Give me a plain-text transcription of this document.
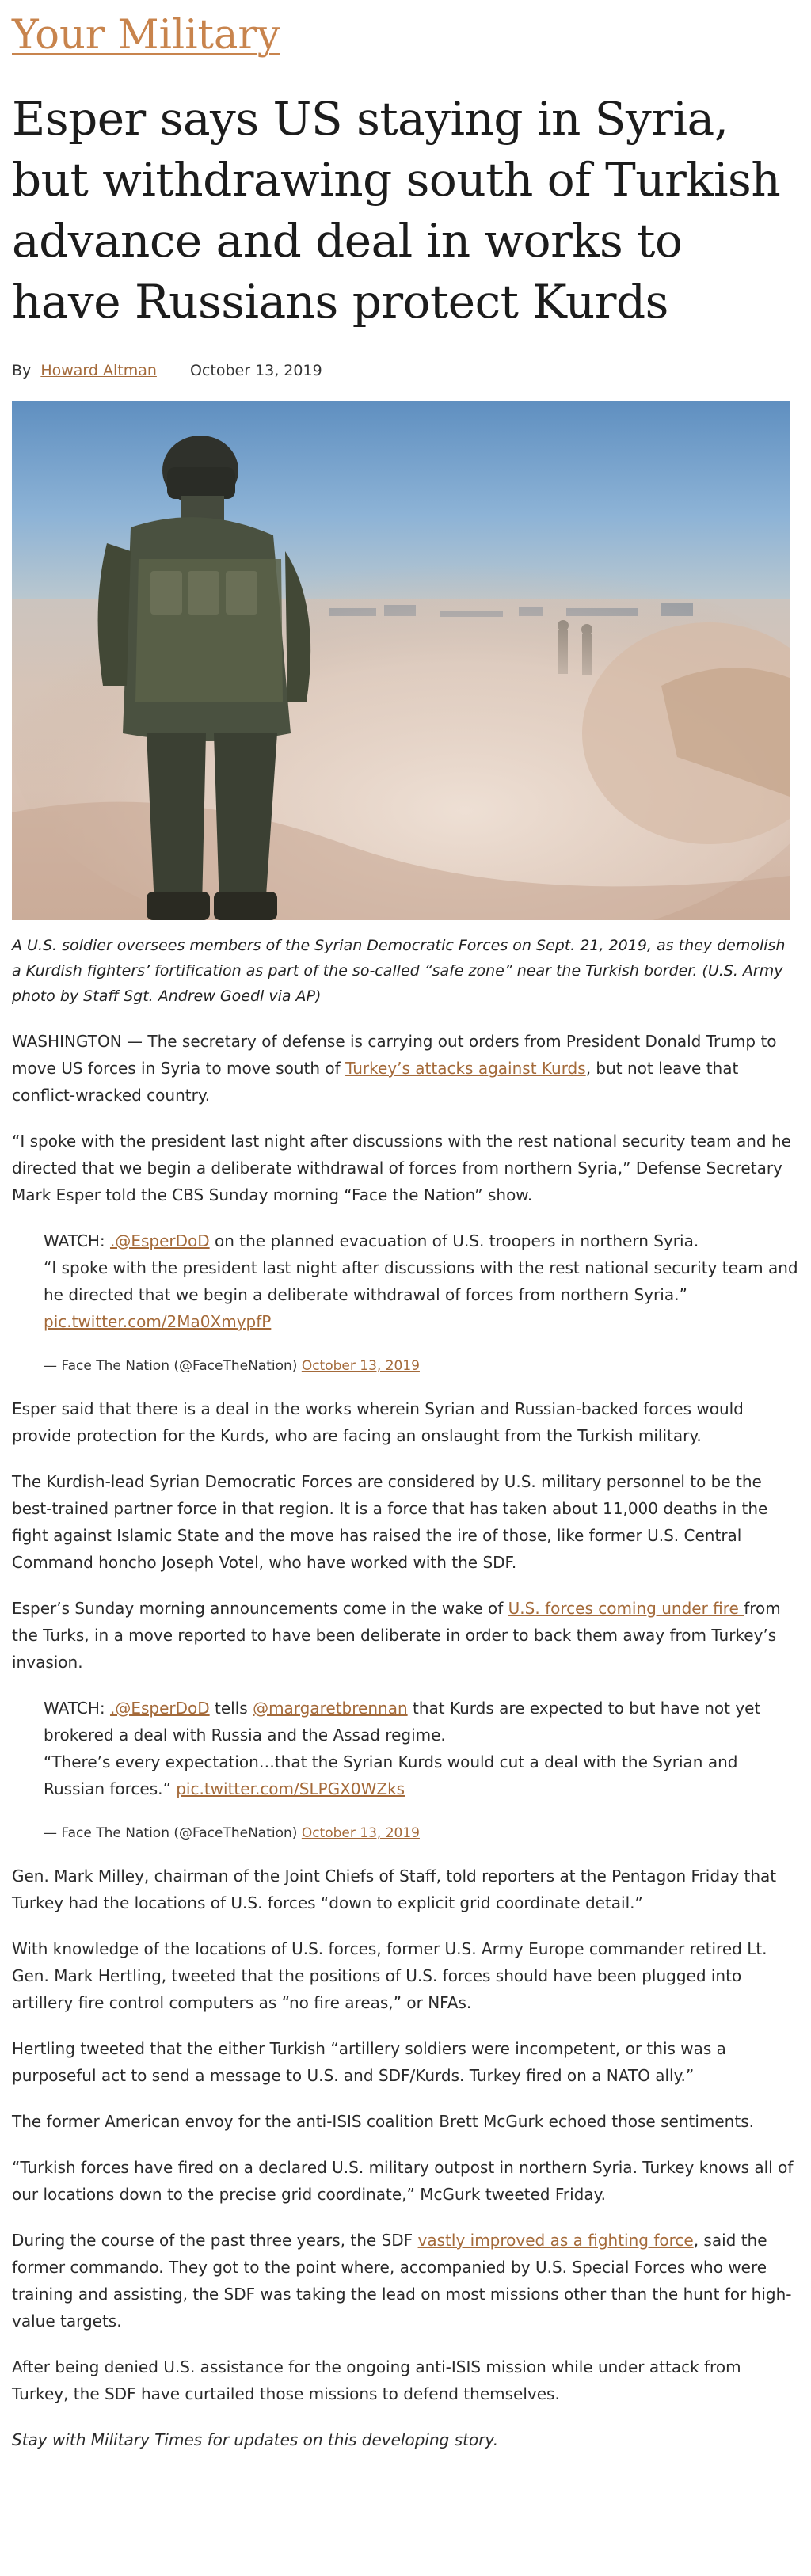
Your Military
Esper says US staying in Syria, but withdrawing south of Turkish advance and deal in works to have Russians protect Kurds
By Howard Altman October 13, 2019

A U.S. soldier oversees members of the Syrian Democratic Forces on Sept. 21, 2019, as they demolish a Kurdish fighters’ fortification as part of the so-called “safe zone” near the Turkish border. (U.S. Army photo by Staff Sgt. Andrew Goedl via AP)

WASHINGTON — The secretary of defense is carrying out orders from President Donald Trump to move US forces in Syria to move south of Turkey’s attacks against Kurds, but not leave that conflict-wracked country.

“I spoke with the president last night after discussions with the rest national security team and he directed that we begin a deliberate withdrawal of forces from northern Syria,” Defense Secretary Mark Esper told the CBS Sunday morning “Face the Nation” show.

WATCH: .@EsperDoD on the planned evacuation of U.S. troopers in northern Syria.
“I spoke with the president last night after discussions with the rest national security team and he directed that we begin a deliberate withdrawal of forces from northern Syria.” pic.twitter.com/2Ma0XmypfP
— Face The Nation (@FaceTheNation) October 13, 2019

Esper said that there is a deal in the works wherein Syrian and Russian-backed forces would provide protection for the Kurds, who are facing an onslaught from the Turkish military.

The Kurdish-lead Syrian Democratic Forces are considered by U.S. military personnel to be the best-trained partner force in that region. It is a force that has taken about 11,000 deaths in the fight against Islamic State and the move has raised the ire of those, like former U.S. Central Command honcho Joseph Votel, who have worked with the SDF.

Esper’s Sunday morning announcements come in the wake of U.S. forces coming under fire from the Turks, in a move reported to have been deliberate in order to back them away from Turkey’s invasion.

WATCH: .@EsperDoD tells @margaretbrennan that Kurds are expected to but have not yet brokered a deal with Russia and the Assad regime.
“There’s every expectation…that the Syrian Kurds would cut a deal with the Syrian and Russian forces.” pic.twitter.com/SLPGX0WZks
— Face The Nation (@FaceTheNation) October 13, 2019

Gen. Mark Milley, chairman of the Joint Chiefs of Staff, told reporters at the Pentagon Friday that Turkey had the locations of U.S. forces “down to explicit grid coordinate detail.”

With knowledge of the locations of U.S. forces, former U.S. Army Europe commander retired Lt. Gen. Mark Hertling, tweeted that the positions of U.S. forces should have been plugged into artillery fire control computers as “no fire areas,” or NFAs.

Hertling tweeted that the either Turkish “artillery soldiers were incompetent, or this was a purposeful act to send a message to U.S. and SDF/Kurds. Turkey fired on a NATO ally.”

The former American envoy for the anti-ISIS coalition Brett McGurk echoed those sentiments.

“Turkish forces have fired on a declared U.S. military outpost in northern Syria. Turkey knows all of our locations down to the precise grid coordinate,” McGurk tweeted Friday.

During the course of the past three years, the SDF vastly improved as a fighting force, said the former commando. They got to the point where, accompanied by U.S. Special Forces who were training and assisting, the SDF was taking the lead on most missions other than the hunt for high-value targets.

After being denied U.S. assistance for the ongoing anti-ISIS mission while under attack from Turkey, the SDF have curtailed those missions to defend themselves.

Stay with Military Times for updates on this developing story.
